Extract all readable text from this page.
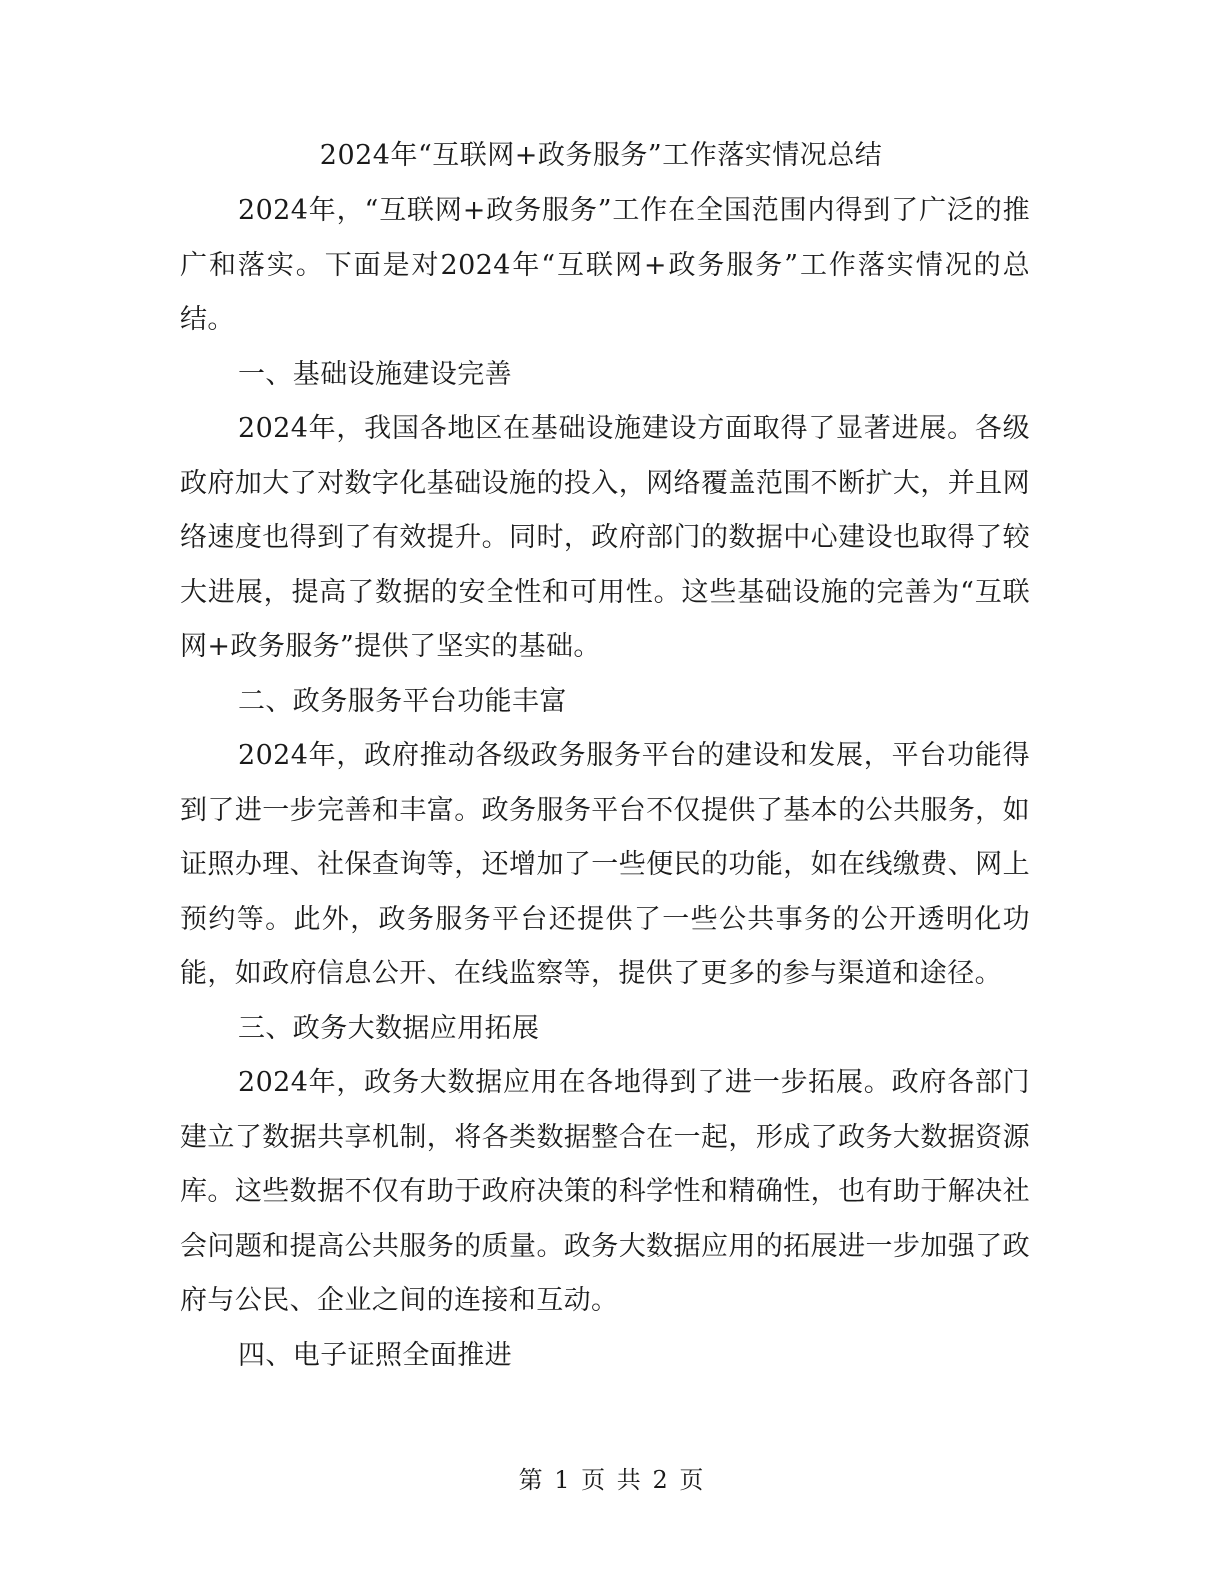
2024年“互联网+政务服务”工作落实情况总结

2024年，“互联网+政务服务”工作在全国范围内得到了广泛的推广和落实。下面是对2024年“互联网+政务服务”工作落实情况的总结。

一、基础设施建设完善

2024年，我国各地区在基础设施建设方面取得了显著进展。各级政府加大了对数字化基础设施的投入，网络覆盖范围不断扩大，并且网络速度也得到了有效提升。同时，政府部门的数据中心建设也取得了较大进展，提高了数据的安全性和可用性。这些基础设施的完善为“互联网+政务服务”提供了坚实的基础。

二、政务服务平台功能丰富

2024年，政府推动各级政务服务平台的建设和发展，平台功能得到了进一步完善和丰富。政务服务平台不仅提供了基本的公共服务，如证照办理、社保查询等，还增加了一些便民的功能，如在线缴费、网上预约等。此外，政务服务平台还提供了一些公共事务的公开透明化功能，如政府信息公开、在线监察等，提供了更多的参与渠道和途径。

三、政务大数据应用拓展

2024年，政务大数据应用在各地得到了进一步拓展。政府各部门建立了数据共享机制，将各类数据整合在一起，形成了政务大数据资源库。这些数据不仅有助于政府决策的科学性和精确性，也有助于解决社会问题和提高公共服务的质量。政务大数据应用的拓展进一步加强了政府与公民、企业之间的连接和互动。

四、电子证照全面推进

第 1 页 共 2 页
